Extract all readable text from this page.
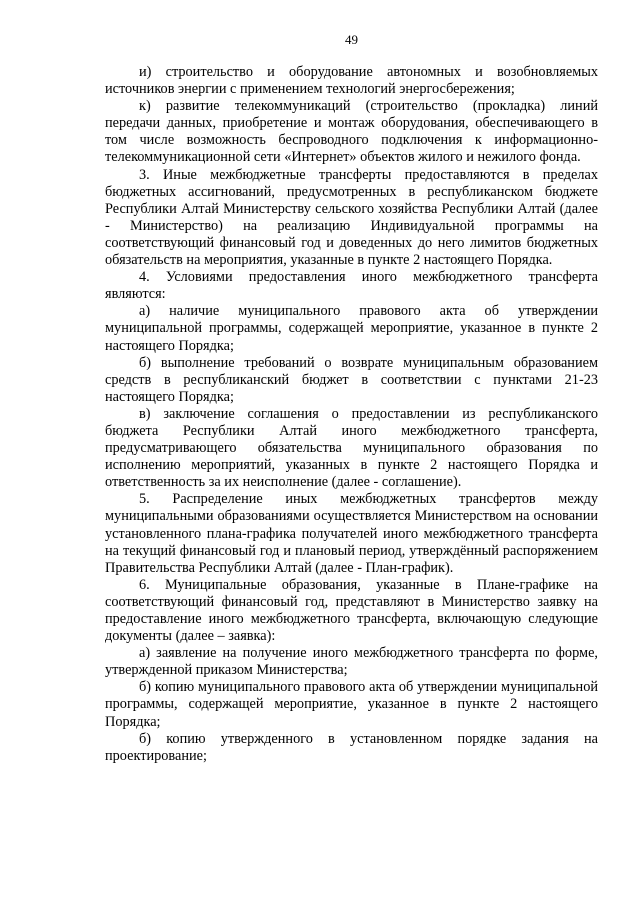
49

и) строительство и оборудование автономных и возобновляемых источников энергии с применением технологий энергосбережения;

к) развитие телекоммуникаций (строительство (прокладка) линий передачи данных, приобретение и монтаж оборудования, обеспечивающего в том числе возможность беспроводного подключения к информационно-телекоммуникационной сети «Интернет» объектов жилого и нежилого фонда.

3. Иные межбюджетные трансферты предоставляются в пределах бюджетных ассигнований, предусмотренных в республиканском бюджете Республики Алтай Министерству сельского хозяйства Республики Алтай (далее - Министерство) на реализацию Индивидуальной программы на соответствующий финансовый год и доведенных до него лимитов бюджетных обязательств на мероприятия, указанные в пункте 2 настоящего Порядка.

4. Условиями предоставления иного межбюджетного трансферта являются:

а) наличие муниципального правового акта об утверждении муниципальной программы, содержащей мероприятие, указанное в пункте 2 настоящего Порядка;

б) выполнение требований о возврате муниципальным образованием средств в республиканский бюджет в соответствии с пунктами 21-23 настоящего Порядка;

в) заключение соглашения о предоставлении из республиканского бюджета Республики Алтай иного межбюджетного трансферта, предусматривающего обязательства муниципального образования по исполнению мероприятий, указанных в пункте 2 настоящего Порядка и ответственность за их неисполнение (далее - соглашение).

5. Распределение иных межбюджетных трансфертов между муниципальными образованиями осуществляется Министерством на основании установленного плана-графика получателей иного межбюджетного трансферта на текущий финансовый год и плановый период, утверждённый распоряжением Правительства Республики Алтай (далее - План-график).

6. Муниципальные образования, указанные в Плане-графике на соответствующий финансовый год, представляют в Министерство заявку на предоставление иного межбюджетного трансферта, включающую следующие документы (далее – заявка):

а) заявление на получение иного межбюджетного трансферта по форме, утвержденной приказом Министерства;

б) копию муниципального правового акта об утверждении муниципальной программы, содержащей мероприятие, указанное в пункте 2 настоящего Порядка;

б) копию утвержденного в установленном порядке задания на проектирование;
